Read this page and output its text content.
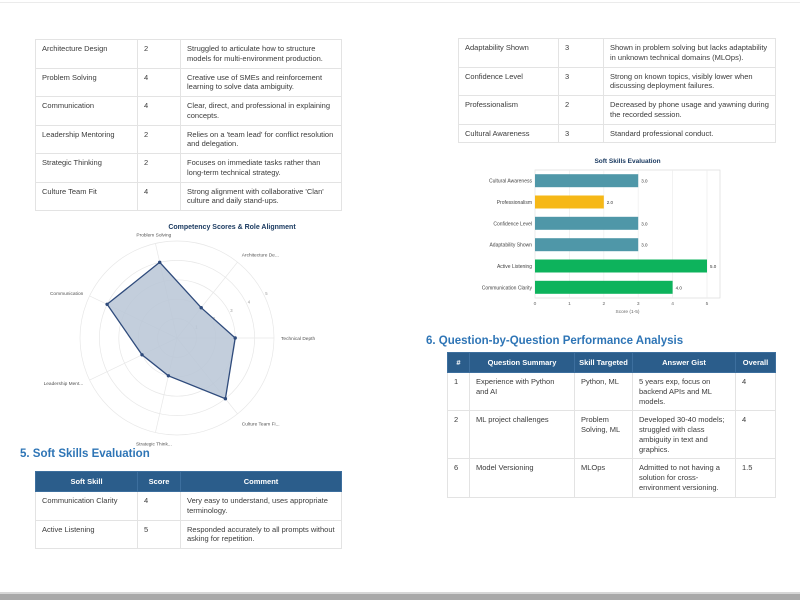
Architecture Design	2	Struggled to articulate how to structure models for multi-environment production.
Problem Solving	4	Creative use of SMEs and reinforcement learning to solve data ambiguity.
Communication	4	Clear, direct, and professional in explaining concepts.
Leadership Mentoring	2	Relies on a 'team lead' for conflict resolution and delegation.
Strategic Thinking	2	Focuses on immediate tasks rather than long-term technical strategy.
Culture Team Fit	4	Strong alignment with collaborative 'Clan' culture and daily stand-ups.
3
4
5
Technical Depth
Architecture De...
Problem Solving
Communication
Leadership Ment...
Strategic Think...
Culture Team Fi...
Competency Scores & Role Alignment
5. Soft Skills Evaluation
Soft Skill	Score	Comment
Communication Clarity	4	Very easy to understand, uses appropriate terminology.
Active Listening	5	Responded accurately to all prompts without asking for repetition.
Adaptability Shown	3	Shown in problem solving but lacks adaptability in unknown technical domains (MLOps).
Confidence Level	3	Strong on known topics, visibly lower when discussing deployment failures.
Professionalism	2	Decreased by phone usage and yawning during the recorded session.
Cultural Awareness	3	Standard professional conduct.
0	1	2	3	4	5
Cultural Awareness	3.0
Professionalism	2.0
Confidence Level	3.0
Adaptability Shown	3.0
Active Listening	5.0
Communication Clarity	4.0
Score (1-5)
Soft Skills Evaluation
6. Question-by-Question Performance Analysis
#	Question Summary	Skill Targeted	Answer Gist	Overall
1	Experience with Python and AI	Python, ML	5 years exp, focus on backend APIs and ML models.	4
2	ML project challenges	Problem Solving, ML	Developed 30-40 models; struggled with class ambiguity in text and graphics.	4
6	Model Versioning	MLOps	Admitted to not having a solution for cross-environment versioning.	1.5
